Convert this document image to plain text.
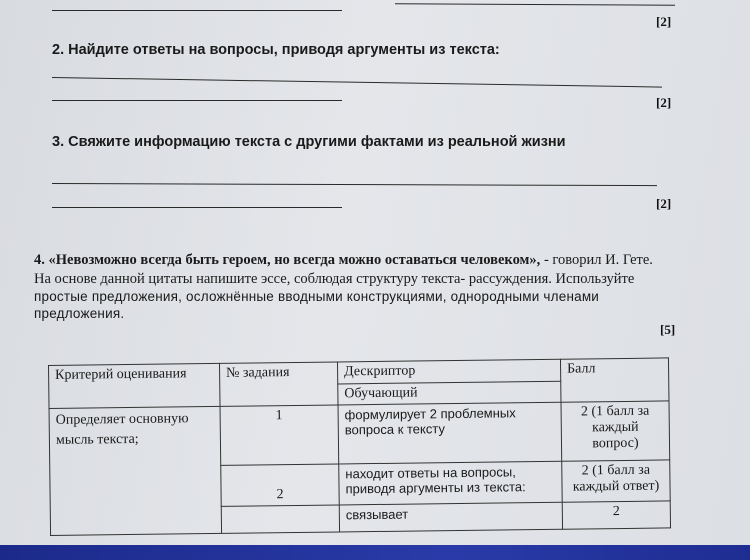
[2]
2. Найдите ответы на вопросы, приводя аргументы из текста:
[2]
3. Свяжите информацию текста с другими фактами из реальной жизни
[2]
4. «Невозможно всегда быть героем, но всегда можно оставаться человеком», - говорил И. Гете.
На основе данной цитаты напишите эссе, соблюдая структуру текста- рассуждения. Используйте
простые предложения, осложнённые вводными конструкциями, однородными членами
предложения.
[5]
Критерий оценивания	№ задания	Дескриптор	Балл
		Обучающий	
Определяет основную мысль текста;	1	формулирует 2 проблемных вопроса к тексту	2 (1 балл за каждый вопрос)
	2	находит ответы на вопросы, приводя аргументы из текста:	2 (1 балл за каждый ответ)
		связывает	2
